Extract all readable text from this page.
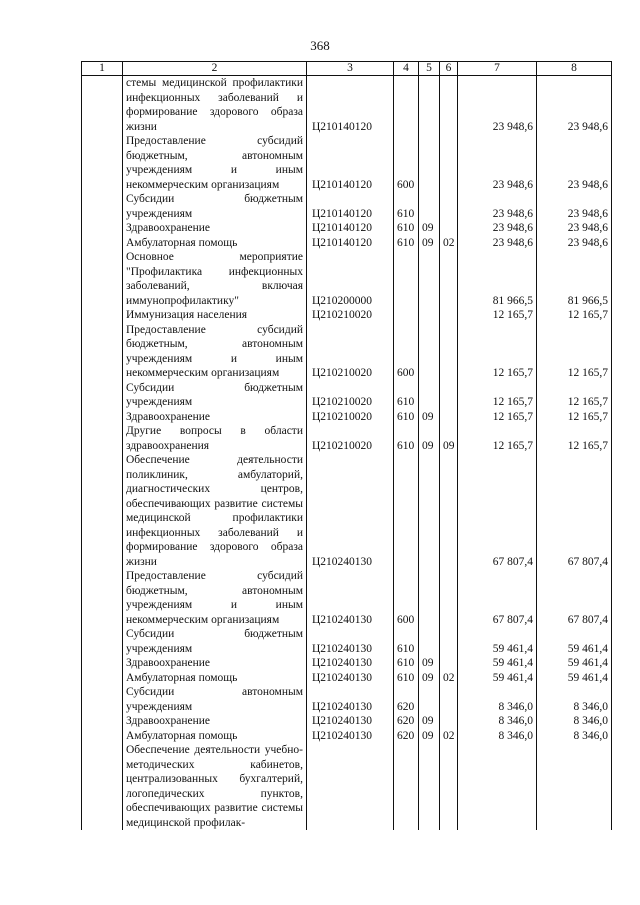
368
1	2	3	4	5	6	7	8
	стемы медицинской профилактики инфекционных заболеваний и формирование здорового образа жизни	Ц210140120				23 948,6	23 948,6
	Предоставление субсидий бюджетным, автономным учреждениям и иным некоммерческим организациям	Ц210140120	600			23 948,6	23 948,6
	Субсидии бюджетным учреждениям	Ц210140120	610			23 948,6	23 948,6
	Здравоохранение	Ц210140120	610	09		23 948,6	23 948,6
	Амбулаторная помощь	Ц210140120	610	09	02	23 948,6	23 948,6
	Основное мероприятие "Профилактика инфекционных заболеваний, включая иммунопрофилактику"	Ц210200000				81 966,5	81 966,5
	Иммунизация населения	Ц210210020				12 165,7	12 165,7
	Предоставление субсидий бюджетным, автономным учреждениям и иным некоммерческим организациям	Ц210210020	600			12 165,7	12 165,7
	Субсидии бюджетным учреждениям	Ц210210020	610			12 165,7	12 165,7
	Здравоохранение	Ц210210020	610	09		12 165,7	12 165,7
	Другие вопросы в области здравоохранения	Ц210210020	610	09	09	12 165,7	12 165,7
	Обеспечение деятельности поликлиник, амбулаторий, диагностических центров, обеспечивающих развитие системы медицинской профилактики инфекционных заболеваний и формирование здорового образа жизни	Ц210240130				67 807,4	67 807,4
	Предоставление субсидий бюджетным, автономным учреждениям и иным некоммерческим организациям	Ц210240130	600			67 807,4	67 807,4
	Субсидии бюджетным учреждениям	Ц210240130	610			59 461,4	59 461,4
	Здравоохранение	Ц210240130	610	09		59 461,4	59 461,4
	Амбулаторная помощь	Ц210240130	610	09	02	59 461,4	59 461,4
	Субсидии автономным учреждениям	Ц210240130	620			8 346,0	8 346,0
	Здравоохранение	Ц210240130	620	09		8 346,0	8 346,0
	Амбулаторная помощь	Ц210240130	620	09	02	8 346,0	8 346,0
	Обеспечение деятельности учебно-методических кабинетов, централизованных бухгалтерий, логопедических пунктов, обеспечивающих развитие системы медицинской профилак-						
